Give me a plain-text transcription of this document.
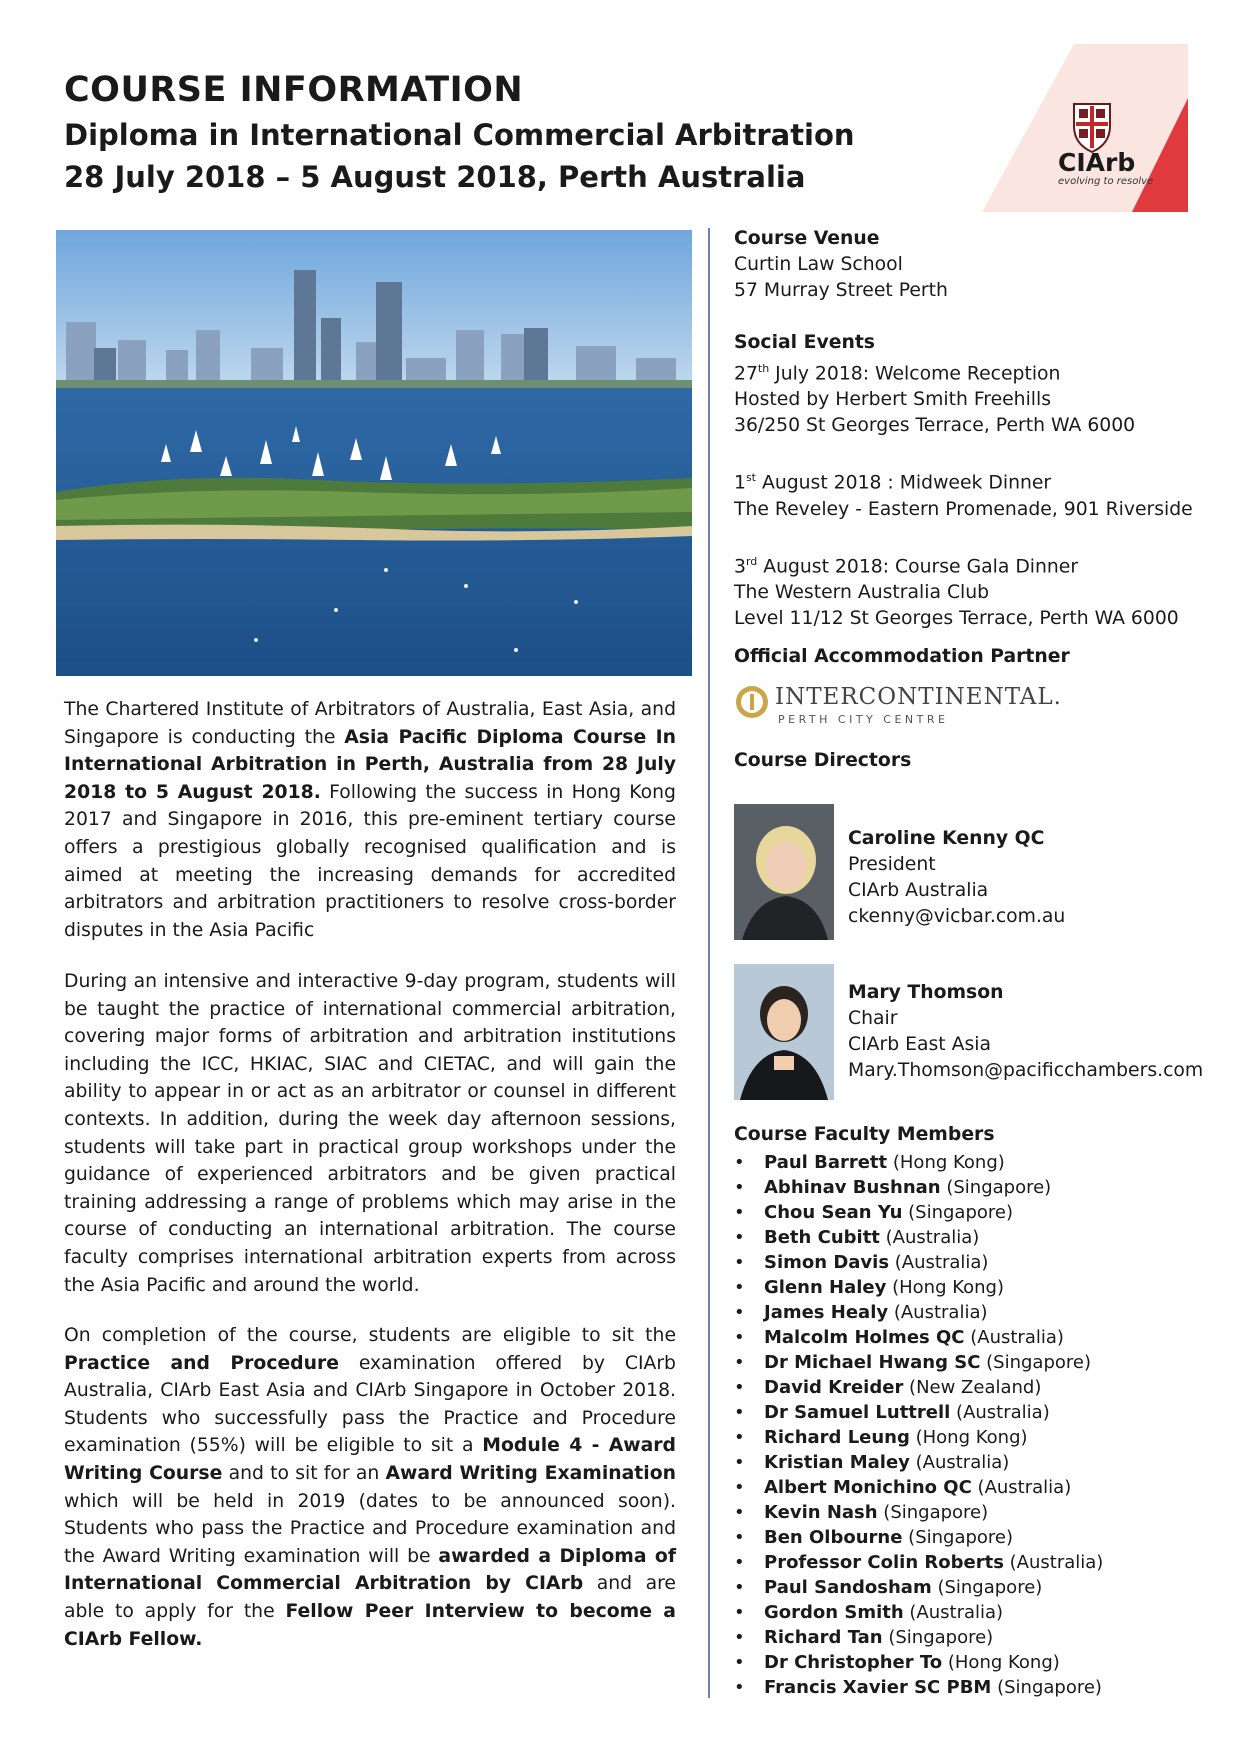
COURSE INFORMATION
Diploma in International Commercial Arbitration
28 July 2018 – 5 August 2018, Perth Australia	CIArb
evolving to resolve

The Chartered Institute of Arbitrators of Australia, East Asia, and Singapore is conducting the Asia Pacific Diploma Course In International Arbitration in Perth, Australia from 28 July 2018 to 5 August 2018. Following the success in Hong Kong 2017 and Singapore in 2016, this pre-eminent tertiary course offers a prestigious globally recognised qualification and is aimed at meeting the increasing demands for accredited arbitrators and arbitration practitioners to resolve cross-border disputes in the Asia Pacific

During an intensive and interactive 9-day program, students will be taught the practice of international commercial arbitration, covering major forms of arbitration and arbitration institutions including the ICC, HKIAC, SIAC and CIETAC, and will gain the ability to appear in or act as an arbitrator or counsel in different contexts. In addition, during the week day afternoon sessions, students will take part in practical group workshops under the guidance of experienced arbitrators and be given practical training addressing a range of problems which may arise in the course of conducting an international arbitration. The course faculty comprises international arbitration experts from across the Asia Pacific and around the world.

On completion of the course, students are eligible to sit the Practice and Procedure examination offered by CIArb Australia, CIArb East Asia and CIArb Singapore in October 2018. Students who successfully pass the Practice and Procedure examination (55%) will be eligible to sit a Module 4 - Award Writing Course and to sit for an Award Writing Examination which will be held in 2019 (dates to be announced soon). Students who pass the Practice and Procedure examination and the Award Writing examination will be awarded a Diploma of International Commercial Arbitration by CIArb and are able to apply for the Fellow Peer Interview to become a CIArb Fellow.

Course Venue
Curtin Law School
57 Murray Street Perth
Social Events
27th July 2018: Welcome Reception
Hosted by Herbert Smith Freehills
36/250 St Georges Terrace, Perth WA 6000
1st August 2018 : Midweek Dinner
The Reveley - Eastern Promenade, 901 Riverside
3rd August 2018: Course Gala Dinner
The Western Australia Club
Level 11/12 St Georges Terrace, Perth WA 6000
Official Accommodation Partner
INTERCONTINENTAL.
PERTH CITY CENTRE
Course Directors
Caroline Kenny QC
President
CIArb Australia
ckenny@vicbar.com.au
Mary Thomson
Chair
CIArb East Asia
Mary.Thomson@pacificchambers.com
Course Faculty Members
• Paul Barrett (Hong Kong)
• Abhinav Bushnan (Singapore)
• Chou Sean Yu (Singapore)
• Beth Cubitt (Australia)
• Simon Davis (Australia)
• Glenn Haley (Hong Kong)
• James Healy (Australia)
• Malcolm Holmes QC (Australia)
• Dr Michael Hwang SC (Singapore)
• David Kreider (New Zealand)
• Dr Samuel Luttrell (Australia)
• Richard Leung (Hong Kong)
• Kristian Maley (Australia)
• Albert Monichino QC (Australia)
• Kevin Nash (Singapore)
• Ben Olbourne (Singapore)
• Professor Colin Roberts (Australia)
• Paul Sandosham (Singapore)
• Gordon Smith (Australia)
• Richard Tan (Singapore)
• Dr Christopher To (Hong Kong)
• Francis Xavier SC PBM (Singapore)
